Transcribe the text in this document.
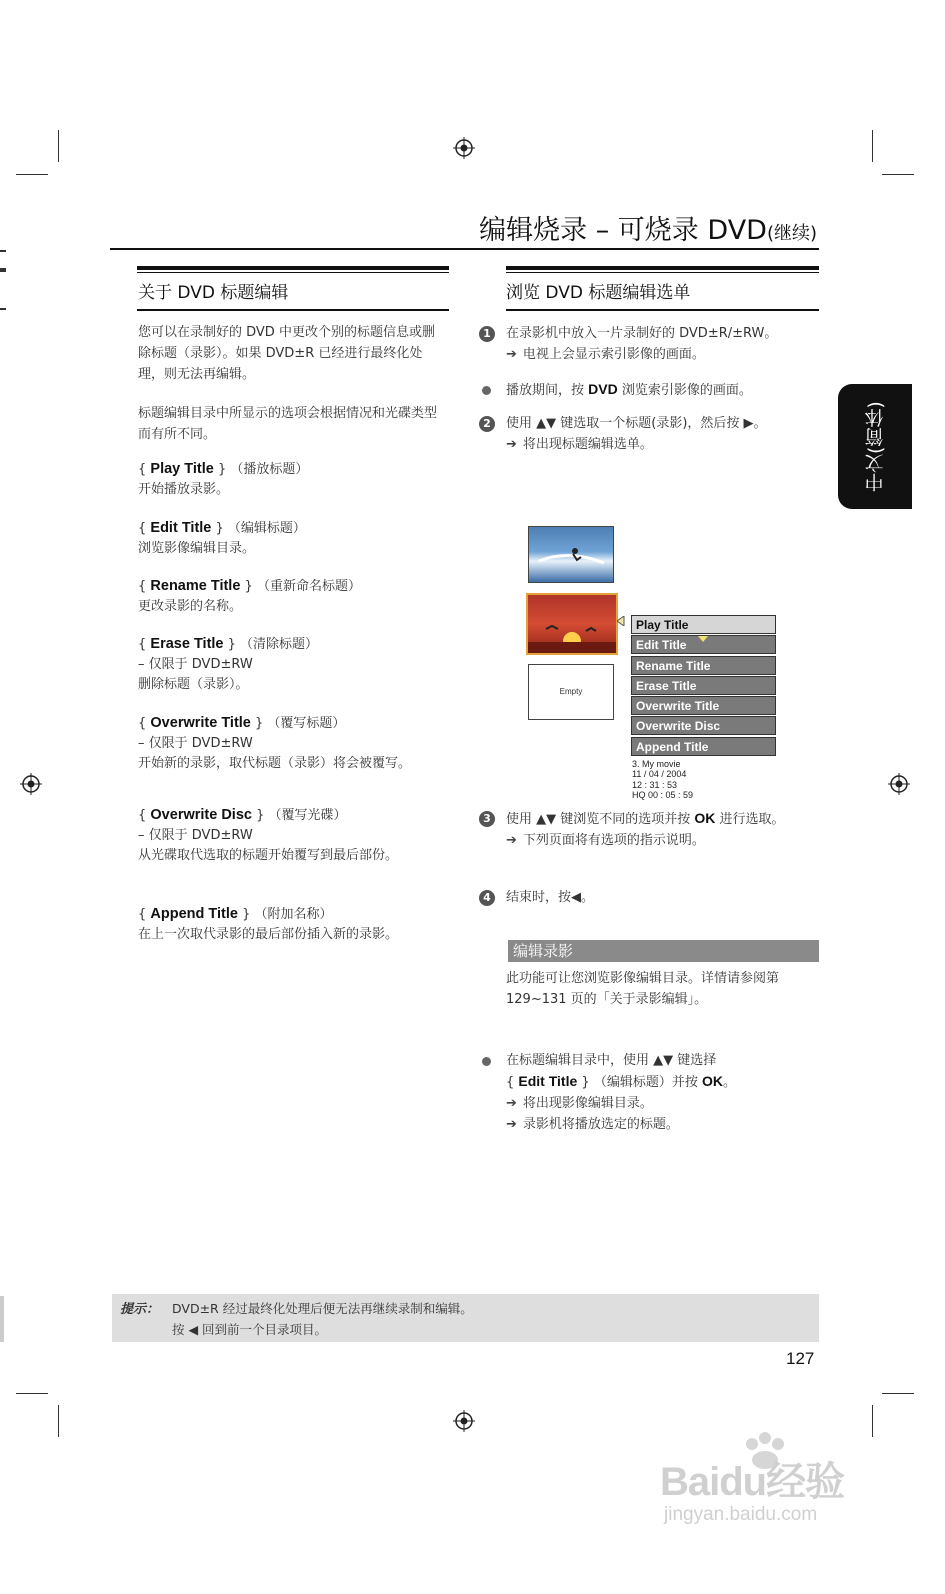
编辑烧录 – 可烧录 DVD(继续)
中文(简体)
关于 DVD 标题编辑
您可以在录制好的 DVD 中更改个别的标题信息或删除标题（录影）。如果 DVD±R 已经进行最终化处理，则无法再编辑。
标题编辑目录中所显示的选项会根据情况和光碟类型而有所不同。
{ Play Title } （播放标题）
开始播放录影。
{ Edit Title } （编辑标题）
浏览影像编辑目录。
{ Rename Title } （重新命名标题）
更改录影的名称。
{ Erase Title } （清除标题）
– 仅限于 DVD±RW
删除标题（录影）。
{ Overwrite Title } （覆写标题）
– 仅限于 DVD±RW
开始新的录影，取代标题（录影）将会被覆写。
{ Overwrite Disc } （覆写光碟）
– 仅限于 DVD±RW
从光碟取代选取的标题开始覆写到最后部份。
{ Append Title } （附加名称）
在上一次取代录影的最后部份插入新的录影。
浏览 DVD 标题编辑选单
1	在录影机中放入一片录制好的 DVD±R/±RW。
➔ 电视上会显示索引影像的画面。
播放期间，按 DVD 浏览索引影像的画面。
2	使用 ▲▼ 键选取一个标题(录影)，然后按 ▶。
➔ 将出现标题编辑选单。
Empty
Play Title
Edit Title
Rename Title
Erase Title
Overwrite Title
Overwrite Disc
Append Title
3. My movie
11 / 04 / 2004
12 : 31 : 53
HQ 00 : 05 : 59
3	使用 ▲▼ 键浏览不同的选项并按 OK 进行选取。
➔ 下列页面将有选项的指示说明。
4	结束时，按◀。
编辑录影
此功能可让您浏览影像编辑目录。详情请参阅第 129~131 页的「关于录影编辑」。
在标题编辑目录中，使用 ▲▼ 键选择
{ Edit Title } （编辑标题）并按 OK。
➔ 将出现影像编辑目录。
➔ 录影机将播放选定的标题。
提示： DVD±R 经过最终化处理后便无法再继续录制和编辑。
按 ◀ 回到前一个目录项目。
127
Baidu经验
jingyan.baidu.com
